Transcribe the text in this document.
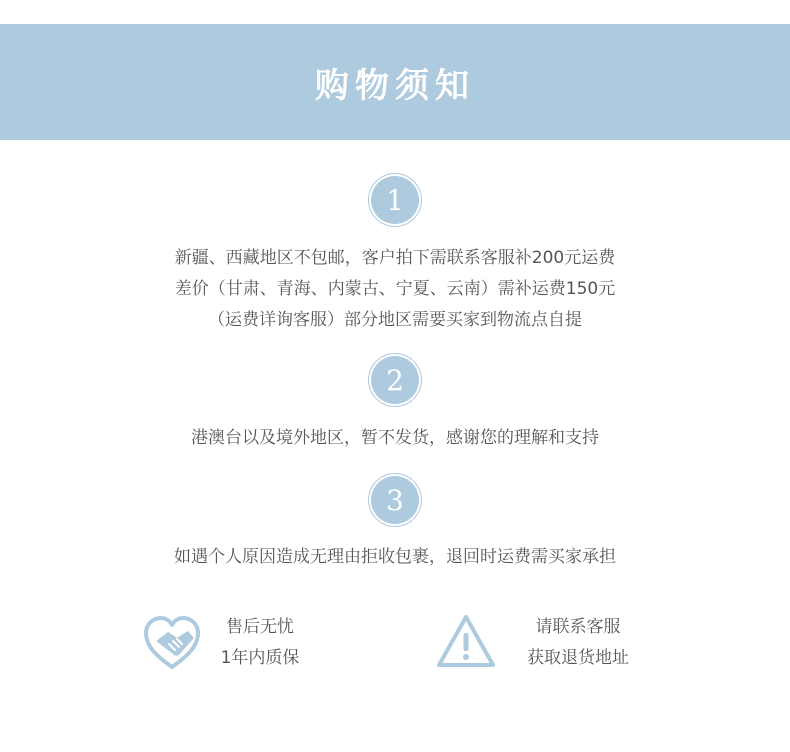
购物须知
1
新疆、西藏地区不包邮，客户拍下需联系客服补200元运费
差价（甘肃、青海、内蒙古、宁夏、云南）需补运费150元
（运费详询客服）部分地区需要买家到物流点自提
2
港澳台以及境外地区，暂不发货，感谢您的理解和支持
3
如遇个人原因造成无理由拒收包裹，退回时运费需买家承担
售后无忧
1年内质保
请联系客服
获取退货地址
